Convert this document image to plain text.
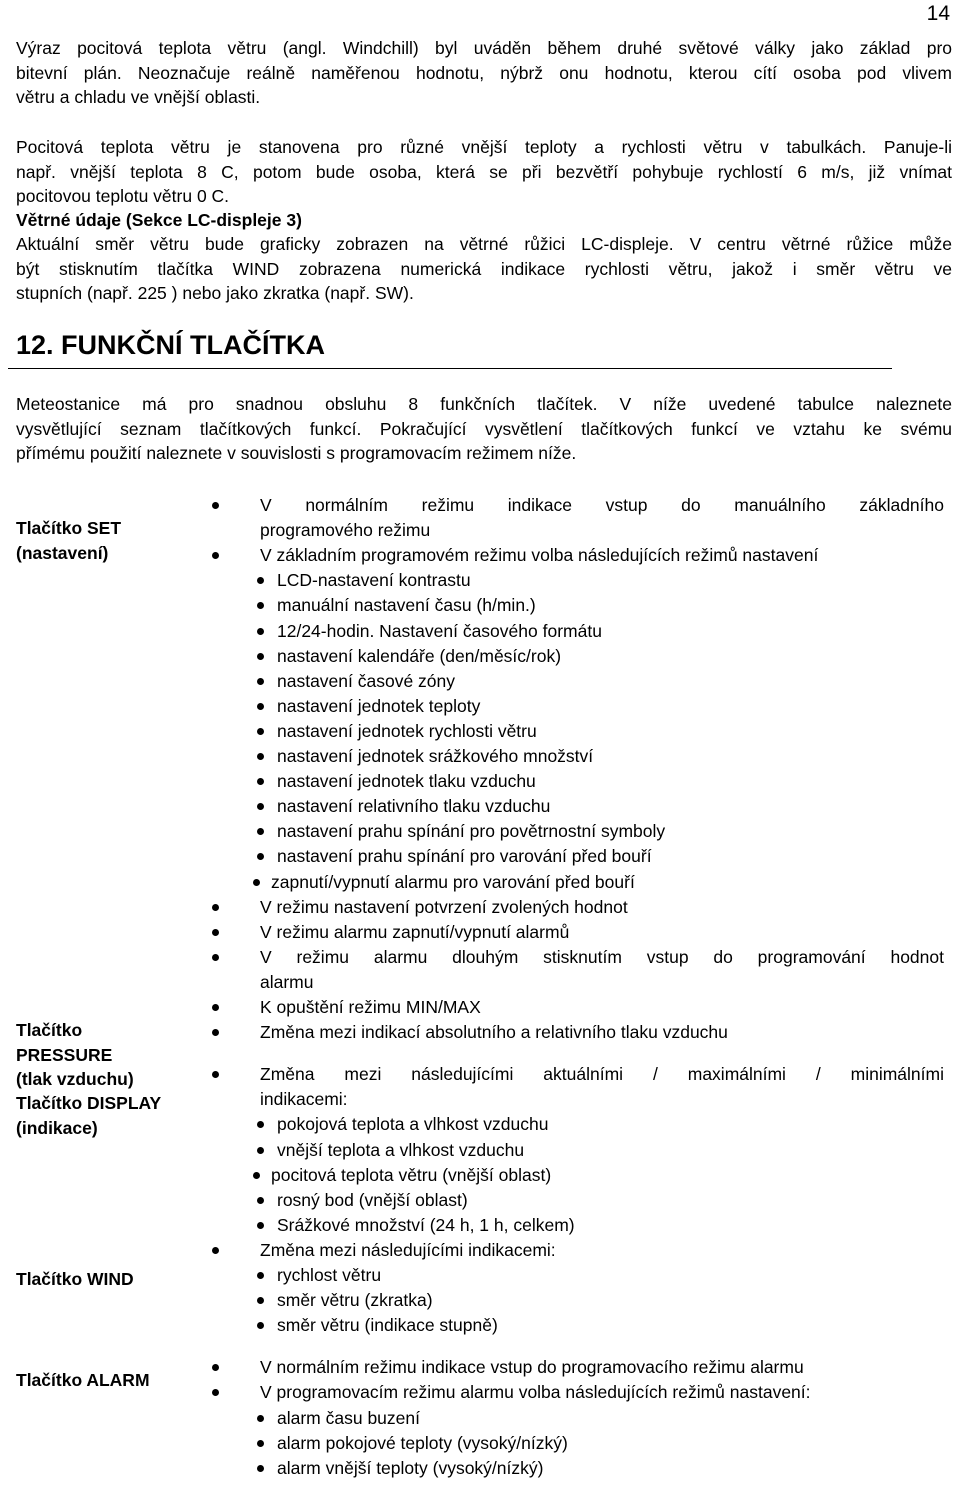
14
Výraz pocitová teplota větru (angl. Windchill) byl uváděn během druhé světové války jako základ pro
bitevní plán. Neoznačuje reálně naměřenou hodnotu, nýbrž onu hodnotu, kterou cítí osoba pod vlivem
větru a chladu ve vnější oblasti.
Pocitová teplota větru je stanovena pro různé vnější teploty a rychlosti větru v tabulkách. Panuje-li
např. vnější teplota 8 C, potom bude osoba, která se při bezvětří pohybuje rychlostí 6 m/s, již vnímat
pocitovou teplotu větru 0 C.
Větrné údaje (Sekce LC-displeje 3)
Aktuální směr větru bude graficky zobrazen na větrné růžici LC-displeje. V centru větrné růžice může
být stisknutím tlačítka WIND zobrazena numerická indikace rychlosti větru, jakož i směr větru ve
stupních (např. 225 ) nebo jako zkratka (např. SW).
12. FUNKČNÍ TLAČÍTKA
Meteostanice má pro snadnou obsluhu 8 funkčních tlačítek. V níže uvedené tabulce naleznete
vysvětlující seznam tlačítkových funkcí. Pokračující vysvětlení tlačítkových funkcí ve vztahu ke svému
přímému použití naleznete v souvislosti s programovacím režimem níže.
Tlačítko SET
(nastavení)
Tlačítko
PRESSURE
(tlak vzduchu)
Tlačítko DISPLAY
(indikace)
Tlačítko WIND
Tlačítko ALARM
V normálním režimu indikace vstup do manuálního základního
programového režimu
V základním programovém režimu volba následujících režimů nastavení
LCD-nastavení kontrastu
manuální nastavení času (h/min.)
12/24-hodin. Nastavení časového formátu
nastavení kalendáře (den/měsíc/rok)
nastavení časové zóny
nastavení jednotek teploty
nastavení jednotek rychlosti větru
nastavení jednotek srážkového množství
nastavení jednotek tlaku vzduchu
nastavení relativního tlaku vzduchu
nastavení prahu spínání pro povětrnostní symboly
nastavení prahu spínání pro varování před bouří
zapnutí/vypnutí alarmu pro varování před bouří
V režimu nastavení potvrzení zvolených hodnot
V režimu alarmu zapnutí/vypnutí alarmů
V režimu alarmu dlouhým stisknutím vstup do programování hodnot
alarmu
K opuštění režimu MIN/MAX
Změna mezi indikací absolutního a relativního tlaku vzduchu
Změna mezi následujícími aktuálními / maximálními / minimálními
indikacemi:
pokojová teplota a vlhkost vzduchu
vnější teplota a vlhkost vzduchu
pocitová teplota větru (vnější oblast)
rosný bod (vnější oblast)
Srážkové množství (24 h, 1 h, celkem)
Změna mezi následujícími indikacemi:
rychlost větru
směr větru (zkratka)
směr větru (indikace stupně)
V normálním režimu indikace vstup do programovacího režimu alarmu
V programovacím režimu alarmu volba následujících režimů nastavení:
alarm času buzení
alarm pokojové teploty (vysoký/nízký)
alarm vnější teploty (vysoký/nízký)
